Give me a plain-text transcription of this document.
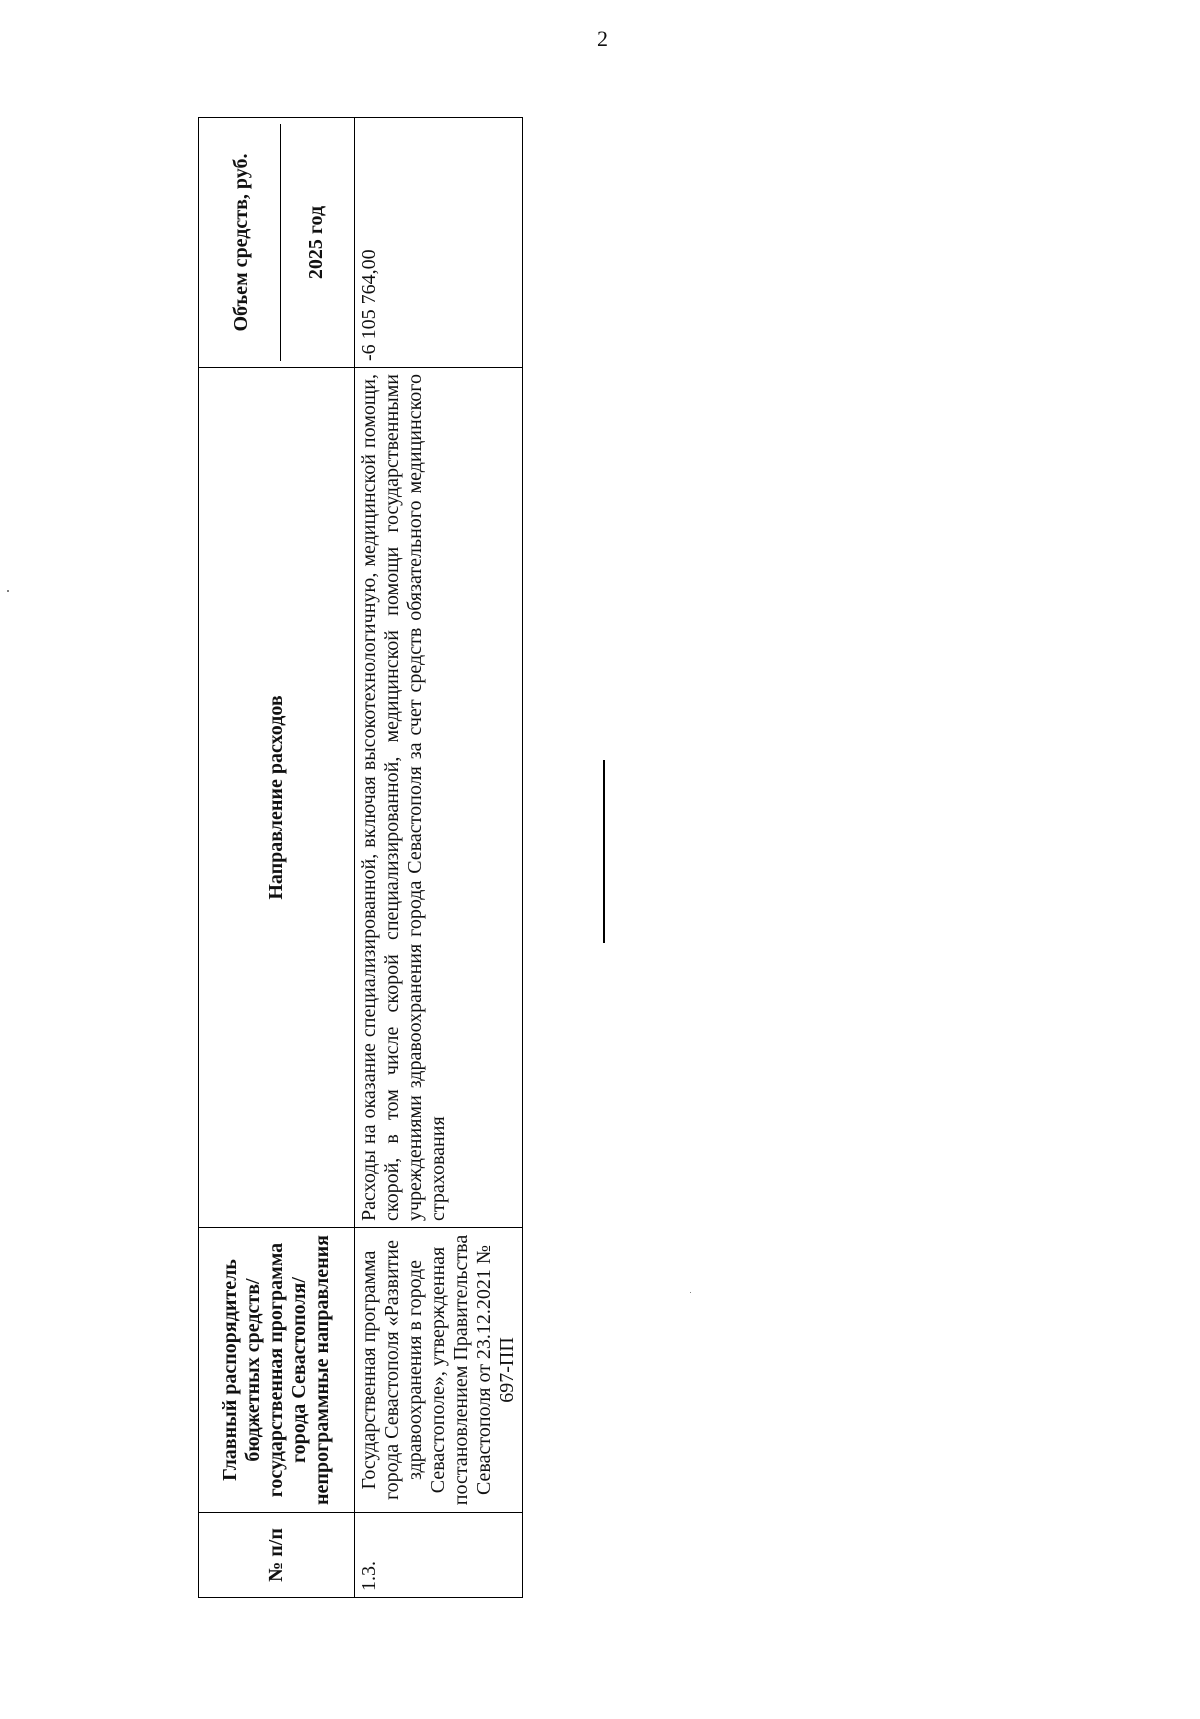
2
№ п/п	Главный распорядитель бюджетных средств/государственная программа города Севастополя/непрограммные направления	Направление расходов	Объем средств, руб. 2025 год

1.3.	Государственная программа города Севастополя «Развитие здравоохранения в городе Севастополе», утвержденная постановлением Правительства Севастополя от 23.12.2021 № 697-ПП	Расходы на оказание специализированной, включая высокотехнологичную, медицинской помощи, скорой, в том числе скорой специализированной, медицинской помощи государственными учреждениями здравоохранения города Севастополя за счет средств обязательного медицинского страхования	-6 105 764,00
